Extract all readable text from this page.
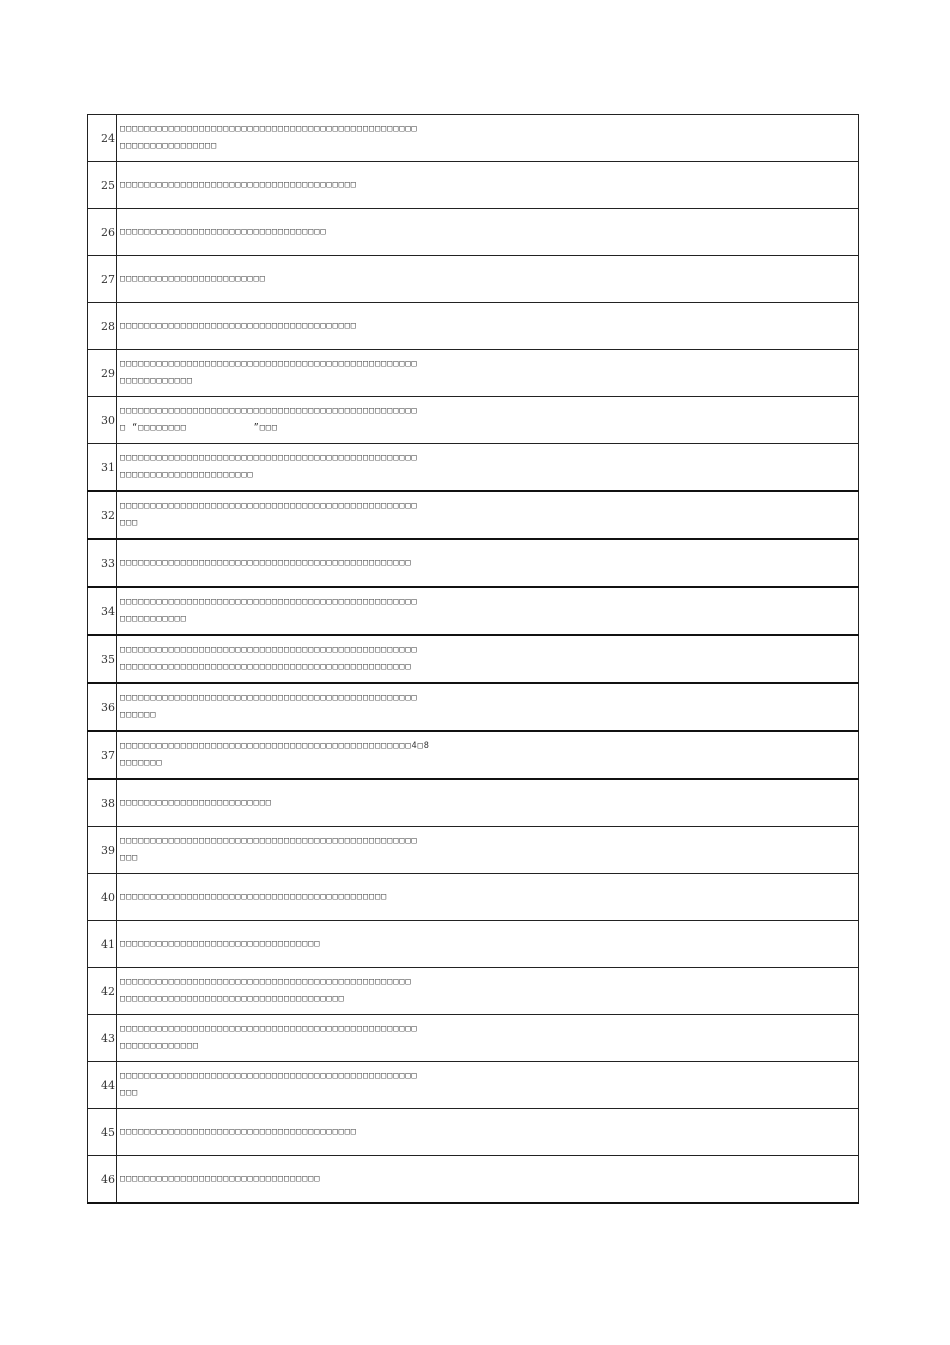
24	□□□□□□□□□□□□□□□□□□□□□□□□□□□□□□□□□□□□□□□□□□□□□□□□□
□□□□□□□□□□□□□□□□

25	□□□□□□□□□□□□□□□□□□□□□□□□□□□□□□□□□□□□□□□

26	□□□□□□□□□□□□□□□□□□□□□□□□□□□□□□□□□□

27	□□□□□□□□□□□□□□□□□□□□□□□□

28	□□□□□□□□□□□□□□□□□□□□□□□□□□□□□□□□□□□□□□□

29	□□□□□□□□□□□□□□□□□□□□□□□□□□□□□□□□□□□□□□□□□□□□□□□□□
□□□□□□□□□□□□

30	□□□□□□□□□□□□□□□□□□□□□□□□□□□□□□□□□□□□□□□□□□□□□□□□□
□ “□□□□□□□□           ”□□□

31	□□□□□□□□□□□□□□□□□□□□□□□□□□□□□□□□□□□□□□□□□□□□□□□□□
□□□□□□□□□□□□□□□□□□□□□□

32	□□□□□□□□□□□□□□□□□□□□□□□□□□□□□□□□□□□□□□□□□□□□□□□□□
□□□

33	□□□□□□□□□□□□□□□□□□□□□□□□□□□□□□□□□□□□□□□□□□□□□□□□

34	□□□□□□□□□□□□□□□□□□□□□□□□□□□□□□□□□□□□□□□□□□□□□□□□□
□□□□□□□□□□□

35	□□□□□□□□□□□□□□□□□□□□□□□□□□□□□□□□□□□□□□□□□□□□□□□□□
□□□□□□□□□□□□□□□□□□□□□□□□□□□□□□□□□□□□□□□□□□□□□□□□

36	□□□□□□□□□□□□□□□□□□□□□□□□□□□□□□□□□□□□□□□□□□□□□□□□□
□□□□□□

37	□□□□□□□□□□□□□□□□□□□□□□□□□□□□□□□□□□□□□□□□□□□□□□□□4□8
□□□□□□□

38	□□□□□□□□□□□□□□□□□□□□□□□□□

39	□□□□□□□□□□□□□□□□□□□□□□□□□□□□□□□□□□□□□□□□□□□□□□□□□
□□□

40	□□□□□□□□□□□□□□□□□□□□□□□□□□□□□□□□□□□□□□□□□□□□

41	□□□□□□□□□□□□□□□□□□□□□□□□□□□□□□□□□

42	□□□□□□□□□□□□□□□□□□□□□□□□□□□□□□□□□□□□□□□□□□□□□□□□
□□□□□□□□□□□□□□□□□□□□□□□□□□□□□□□□□□□□□

43	□□□□□□□□□□□□□□□□□□□□□□□□□□□□□□□□□□□□□□□□□□□□□□□□□
□□□□□□□□□□□□□

44	□□□□□□□□□□□□□□□□□□□□□□□□□□□□□□□□□□□□□□□□□□□□□□□□□
□□□

45	□□□□□□□□□□□□□□□□□□□□□□□□□□□□□□□□□□□□□□□

46	□□□□□□□□□□□□□□□□□□□□□□□□□□□□□□□□□
